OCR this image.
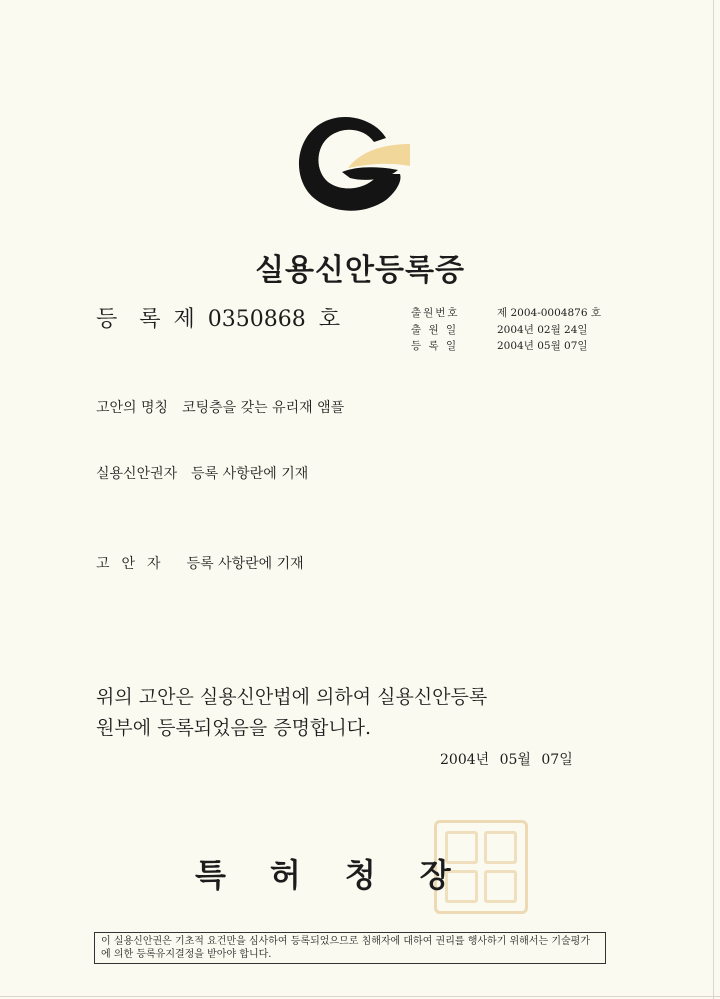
실용신안등록증
등 록 제 0350868 호	출원번호	제 2004-0004876 호
출 원 일	2004년 02월 24일
등 록 일	2004년 05월 07일
고안의 명칭 코팅층을 갖는 유리재 앰플
실용신안권자 등록 사항란에 기재
고안자 등록 사항란에 기재
위의 고안은 실용신안법에 의하여 실용신안등록
원부에 등록되었음을 증명합니다.
2004년 05월 07일
특허청장
이 실용신안권은 기초적 요건만을 심사하여 등록되었으므로 침해자에 대하여 권리를 행사하기 위해서는 기술평가에 의한 등록유지결정을 받아야 합니다.
